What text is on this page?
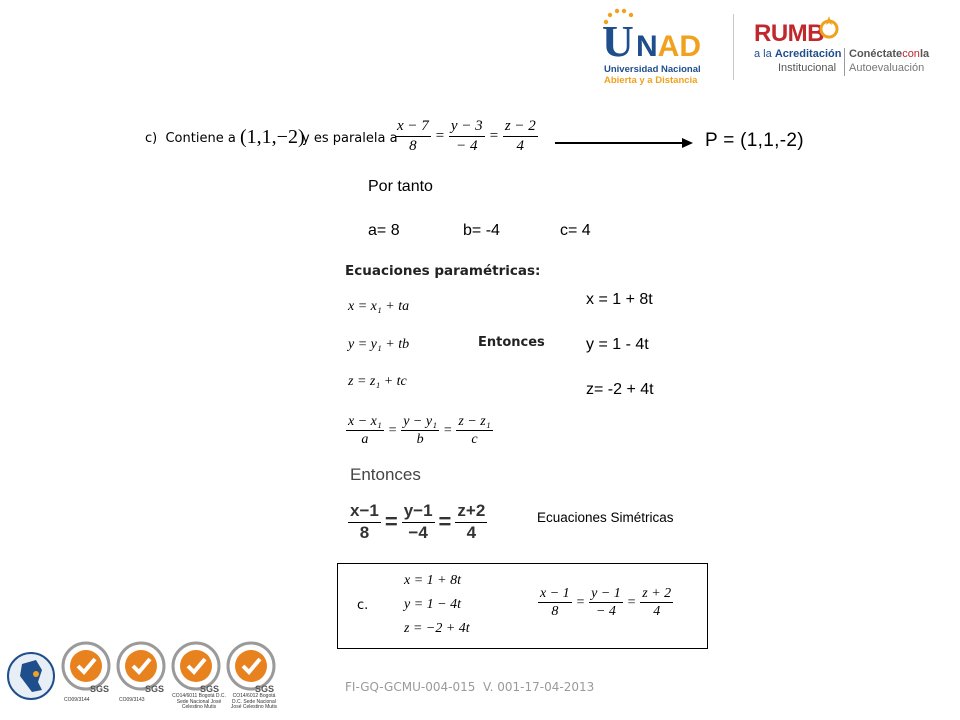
U NAD
Universidad Nacional
Abierta y a Distancia
RUMB
a la Acreditación
Institucional
Conéctateconla
Autoevaluación
c)  Contiene a (1,1,−2)
y es paralela a
$\frac{x - 7}{8} = \frac{y - 3}{- 4} = \frac{z - 2}{4}$	P = (1,1,-2)
Por tanto
a= 8	b= -4	c= 4
Ecuaciones paramétricas:
x = x₁ + ta
y = y₁ + tb
z = z₁ + tc
Entonces
x = 1 + 8t
y = 1 - 4t
z= -2 + 4t
$\frac{\text{x − x₁}}{a} = \frac{\text{y − y₁}}{b} = \frac{\text{z − z₁}}{c}$
Entonces
$\frac{x-1}{8} = \frac{y-1}{-4} = \frac{z+2}{4}$	Ecuaciones Simétricas
c.
x = 1 + 8t
y = 1 − 4t
z = −2 + 4t
$\frac{x - 1}{8} = \frac{y - 1}{- 4} = \frac{z + 2}{4}$
SGS
CO09/3144
SGS
CO09/3143
SGS
CO14/6011 Bogotá D.C. Sede Nacional José Celestino Mutis
SGS
CO14/6012 Bogotá D.C. Sede Nacional José Celestino Mutis
FI-GQ-GCMU-004-015  V. 001-17-04-2013
